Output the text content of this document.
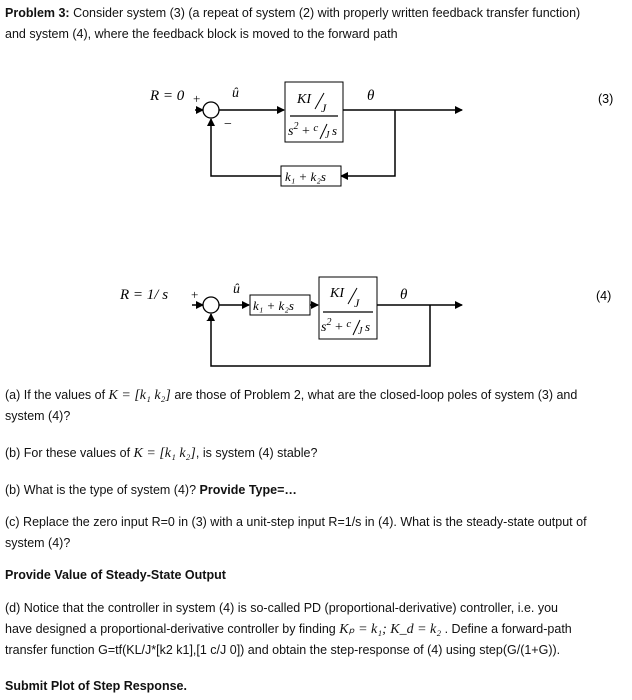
Problem 3: Consider system (3) (a repeat of system (2) with properly written feedback transfer function)
and system (4), where the feedback block is moved to the forward path

R = 0 +
−
û	KI
J
$s^2 + ^c$
J s
θ
k₁ + k₂s
(3)
R = 1/ s +
−
û
k₁ + k₂s
KI
J
$s^2 + ^c$
J s
θ	(4)

(a) If the values of K = [k₁ k₂] are those of Problem 2, what are the closed-loop poles of system (3) and
system (4)?

(b) For these values of K = [k₁ k₂], is system (4) stable?

(b) What is the type of system (4)? Provide Type=…

(c) Replace the zero input R=0 in (3) with a unit-step input R=1/s in (4). What is the steady-state output of
system (4)?

Provide Value of Steady-State Output

(d) Notice that the controller in system (4) is so-called PD (proportional-derivative) controller, i.e. you
have designed a proportional-derivative controller by finding Kₚ = k₁; K_d = k₂ . Define a forward-path
transfer function G=tf(KL/J*[k2 k1],[1 c/J 0]) and obtain the step-response of (4) using step(G/(1+G)).

Submit Plot of Step Response.
